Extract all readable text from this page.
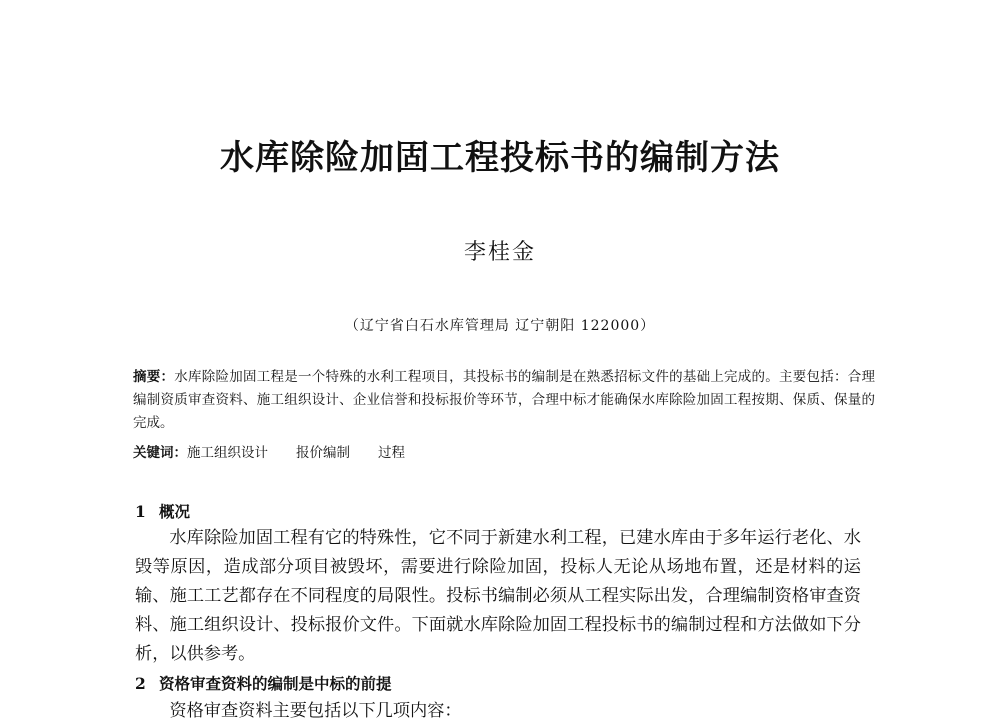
水库除险加固工程投标书的编制方法
李桂金
（辽宁省白石水库管理局 辽宁朝阳 122000）
摘要：水库除险加固工程是一个特殊的水利工程项目，其投标书的编制是在熟悉招标文件的基础上完成的。主要包括：合理编制资质审查资料、施工组织设计、企业信誉和投标报价等环节，合理中标才能确保水库除险加固工程按期、保质、保量的完成。
关键词：施工组织设计 报价编制 过程
1 概况
水库除险加固工程有它的特殊性，它不同于新建水利工程，已建水库由于多年运行老化、水毁等原因，造成部分项目被毁坏，需要进行除险加固，投标人无论从场地布置，还是材料的运输、施工工艺都存在不同程度的局限性。投标书编制必须从工程实际出发，合理编制资格审查资料、施工组织设计、投标报价文件。下面就水库除险加固工程投标书的编制过程和方法做如下分析，以供参考。
2 资格审查资料的编制是中标的前提
资格审查资料主要包括以下几项内容：
